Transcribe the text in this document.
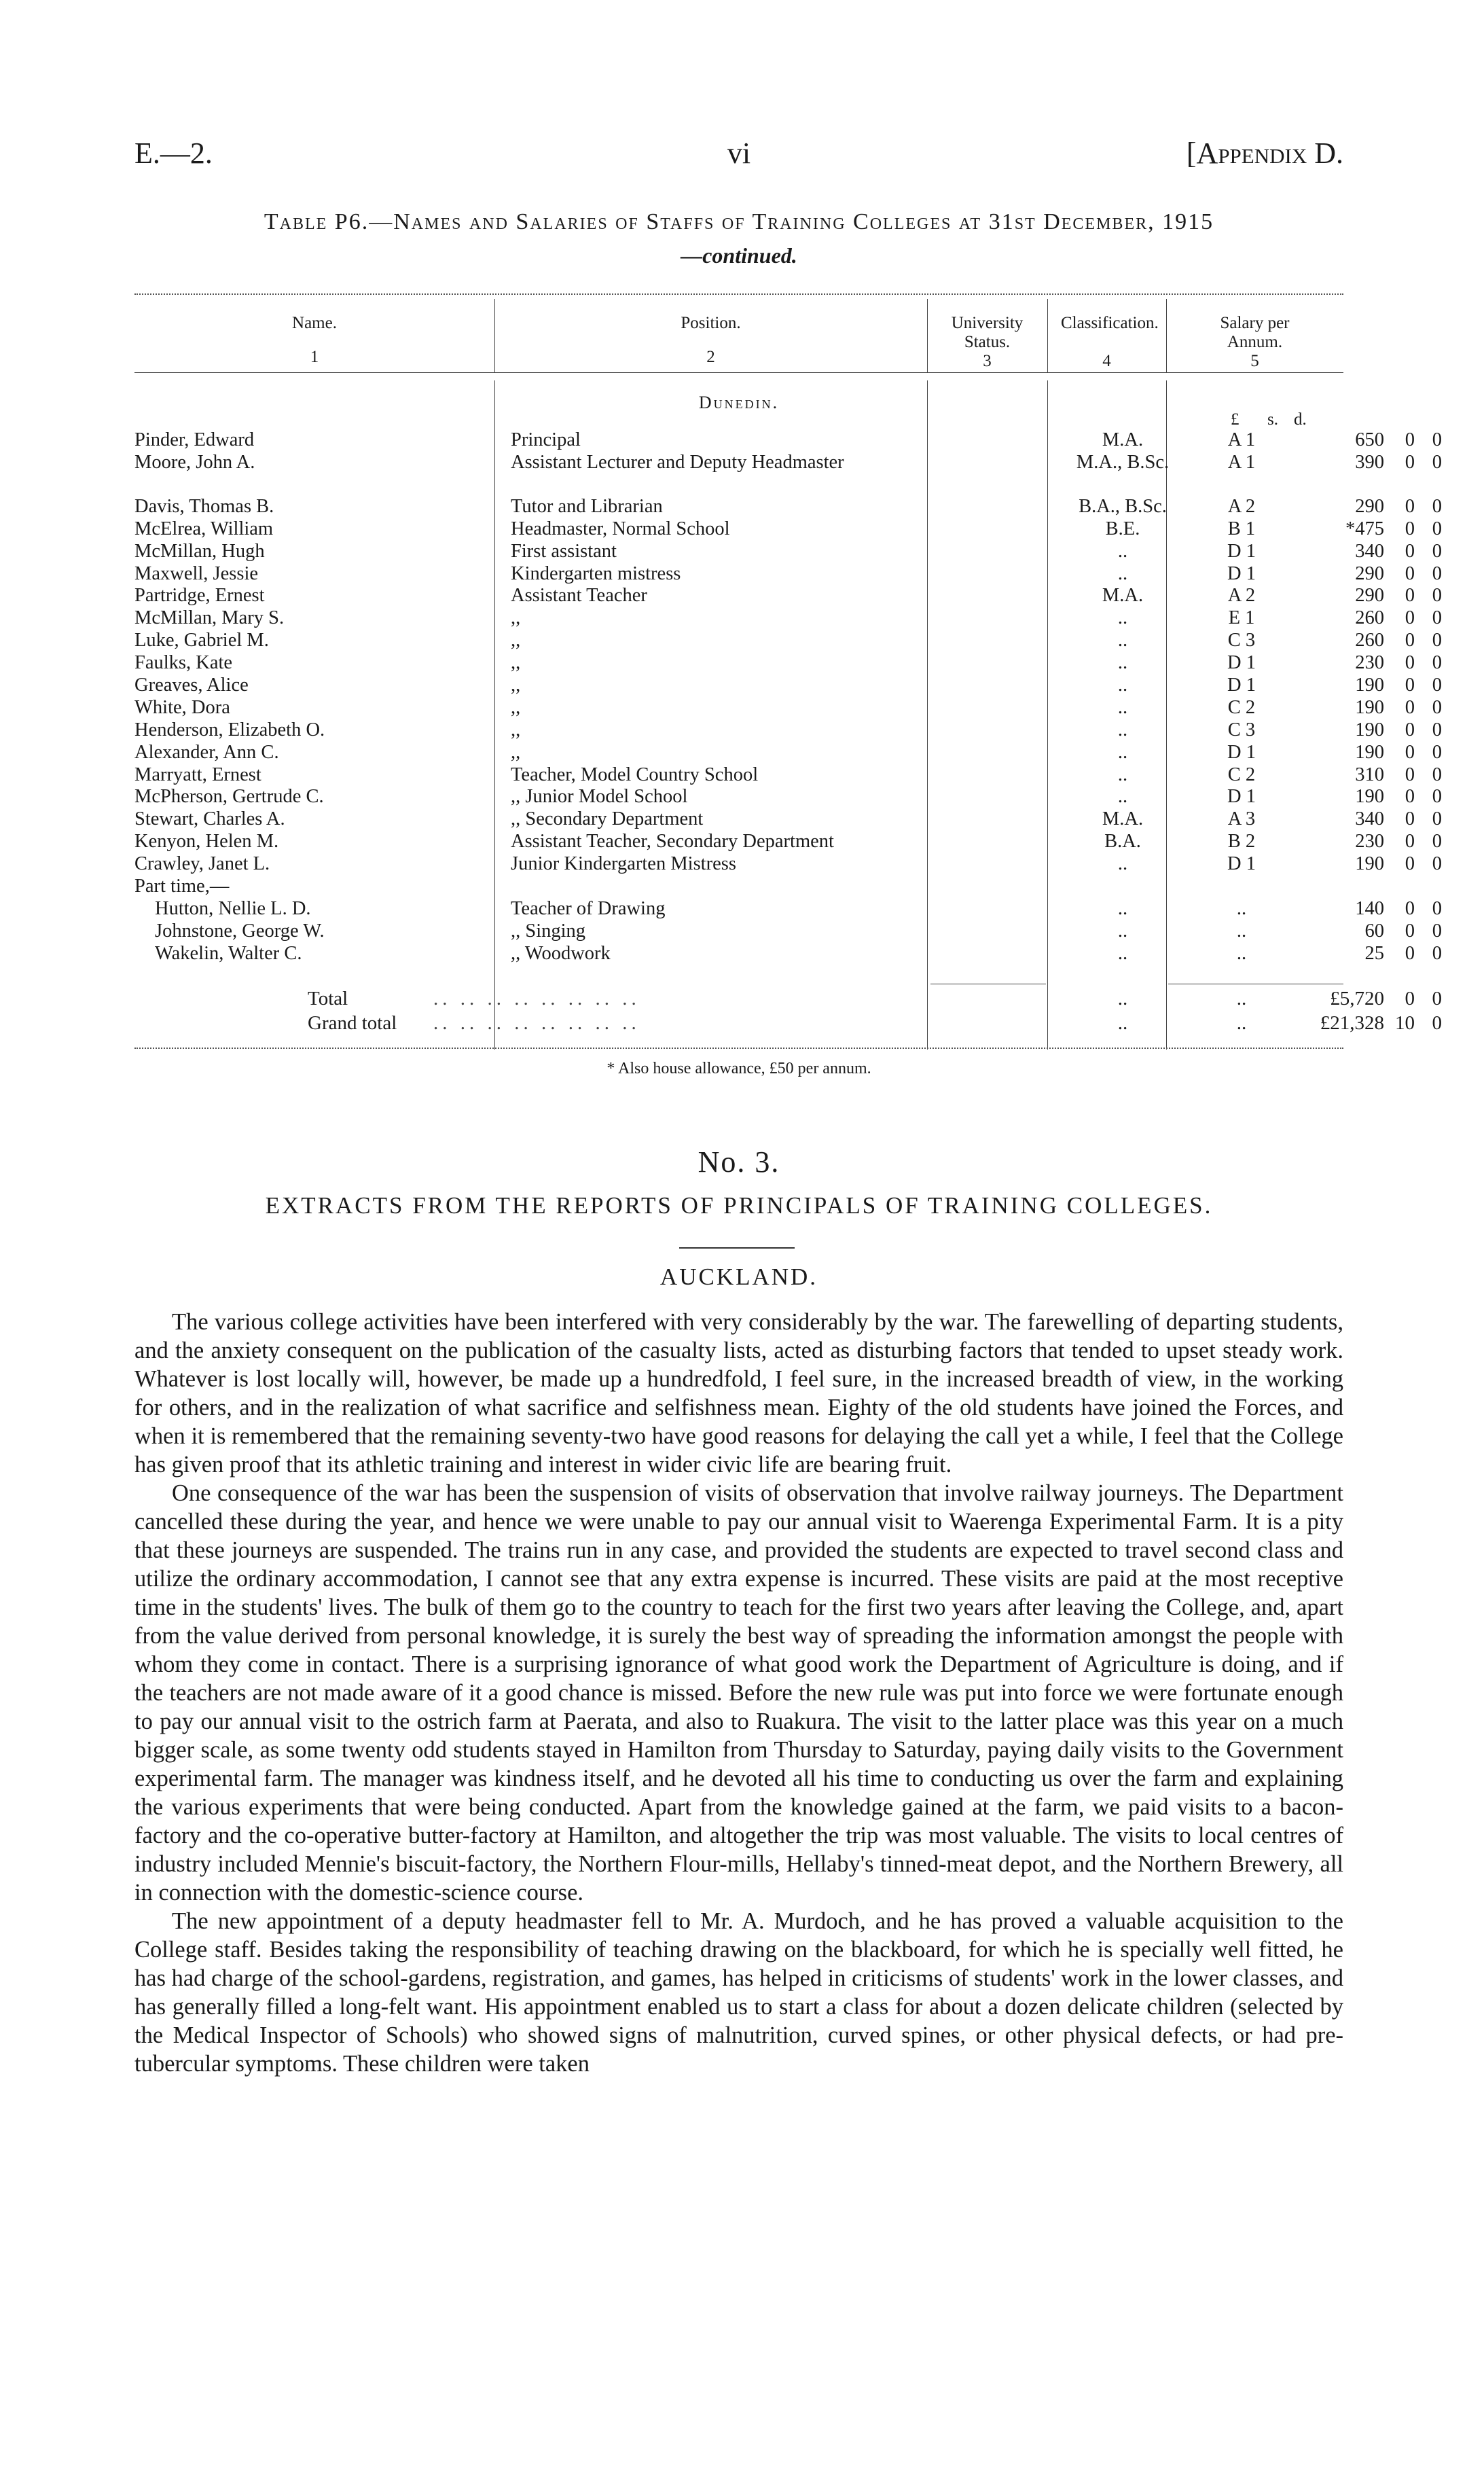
E.—2.	vi	[Appendix D.
Table P6.—Names and Salaries of Staffs of Training Colleges at 31st December, 1915
—continued.
Name.
1
Position.
2
University Status.
3
Classification.
4
Salary per Annum.
5
Dunedin.
£ s. d.
Pinder, Edward	Principal	M.A.	A 1	650	0 0
Moore, John A.	Assistant Lecturer and Deputy Headmaster	M.A., B.Sc.	A 1	390	0 0
Davis, Thomas B.	Tutor and Librarian	B.A., B.Sc.	A 2	290	0 0
McElrea, William	Headmaster, Normal School	B.E.	B 1	*475	0 0
McMillan, Hugh	First assistant	..	D 1	340	0 0
Maxwell, Jessie	Kindergarten mistress	..	D 1	290	0 0
Partridge, Ernest	Assistant Teacher	M.A.	A 2	290	0 0
McMillan, Mary S.	,,	..	E 1	260	0 0
Luke, Gabriel M.	,,	..	C 3	260	0 0
Faulks, Kate	,,	..	D 1	230	0 0
Greaves, Alice	,,	..	D 1	190	0 0
White, Dora	,,	..	C 2	190	0 0
Henderson, Elizabeth O.	,,	..	C 3	190	0 0
Alexander, Ann C.	,,	..	D 1	190	0 0
Marryatt, Ernest	Teacher, Model Country School	..	C 2	310	0 0
McPherson, Gertrude C.	,, Junior Model School	..	D 1	190	0 0
Stewart, Charles A.	,, Secondary Department	M.A.	A 3	340	0 0
Kenyon, Helen M.	Assistant Teacher, Secondary Department	B.A.	B 2	230	0 0
Crawley, Janet L.	Junior Kindergarten Mistress	..	D 1	190	0 0
Part time,—
Hutton, Nellie L. D.	Teacher of Drawing	..	..	140	0 0
Johnstone, George W.	,, Singing	..	..	60	0 0
Wakelin, Walter C.	,, Woodwork	..	..	25	0 0
Total	.. .. .. .. .. .. .. ..	..	..	£5,720	0 0
Grand total .. .. .. .. .. .. .. ..	..	..	£21,328 10 0
* Also house allowance, £50 per annum.
No. 3.
EXTRACTS FROM THE REPORTS OF PRINCIPALS OF TRAINING COLLEGES.
AUCKLAND.

The various college activities have been interfered with very considerably by the war. The farewelling of departing students, and the anxiety consequent on the publication of the casualty lists, acted as disturbing factors that tended to upset steady work. Whatever is lost locally will, however, be made up a hundredfold, I feel sure, in the increased breadth of view, in the working for others, and in the realization of what sacrifice and selfishness mean. Eighty of the old students have joined the Forces, and when it is remembered that the remaining seventy-two have good reasons for delaying the call yet a while, I feel that the College has given proof that its athletic training and interest in wider civic life are bearing fruit.

One consequence of the war has been the suspension of visits of observation that involve railway journeys. The Department cancelled these during the year, and hence we were unable to pay our annual visit to Waerenga Experimental Farm. It is a pity that these journeys are suspended. The trains run in any case, and provided the students are expected to travel second class and utilize the ordinary accommodation, I cannot see that any extra expense is incurred. These visits are paid at the most receptive time in the students' lives. The bulk of them go to the country to teach for the first two years after leaving the College, and, apart from the value derived from personal knowledge, it is surely the best way of spreading the information amongst the people with whom they come in contact. There is a surprising ignorance of what good work the Department of Agriculture is doing, and if the teachers are not made aware of it a good chance is missed. Before the new rule was put into force we were fortunate enough to pay our annual visit to the ostrich farm at Paerata, and also to Ruakura. The visit to the latter place was this year on a much bigger scale, as some twenty odd students stayed in Hamilton from Thursday to Saturday, paying daily visits to the Government experimental farm. The manager was kindness itself, and he devoted all his time to conducting us over the farm and explaining the various experiments that were being conducted. Apart from the knowledge gained at the farm, we paid visits to a bacon-factory and the co-operative butter-factory at Hamilton, and altogether the trip was most valuable. The visits to local centres of industry included Mennie's biscuit-factory, the Northern Flour-mills, Hellaby's tinned-meat depot, and the Northern Brewery, all in connection with the domestic-science course.

The new appointment of a deputy headmaster fell to Mr. A. Murdoch, and he has proved a valuable acquisition to the College staff. Besides taking the responsibility of teaching drawing on the blackboard, for which he is specially well fitted, he has had charge of the school-gardens, registration, and games, has helped in criticisms of students' work in the lower classes, and has generally filled a long-felt want. His appointment enabled us to start a class for about a dozen delicate children (selected by the Medical Inspector of Schools) who showed signs of malnutrition, curved spines, or other physical defects, or had pre-tubercular symptoms. These children were taken
